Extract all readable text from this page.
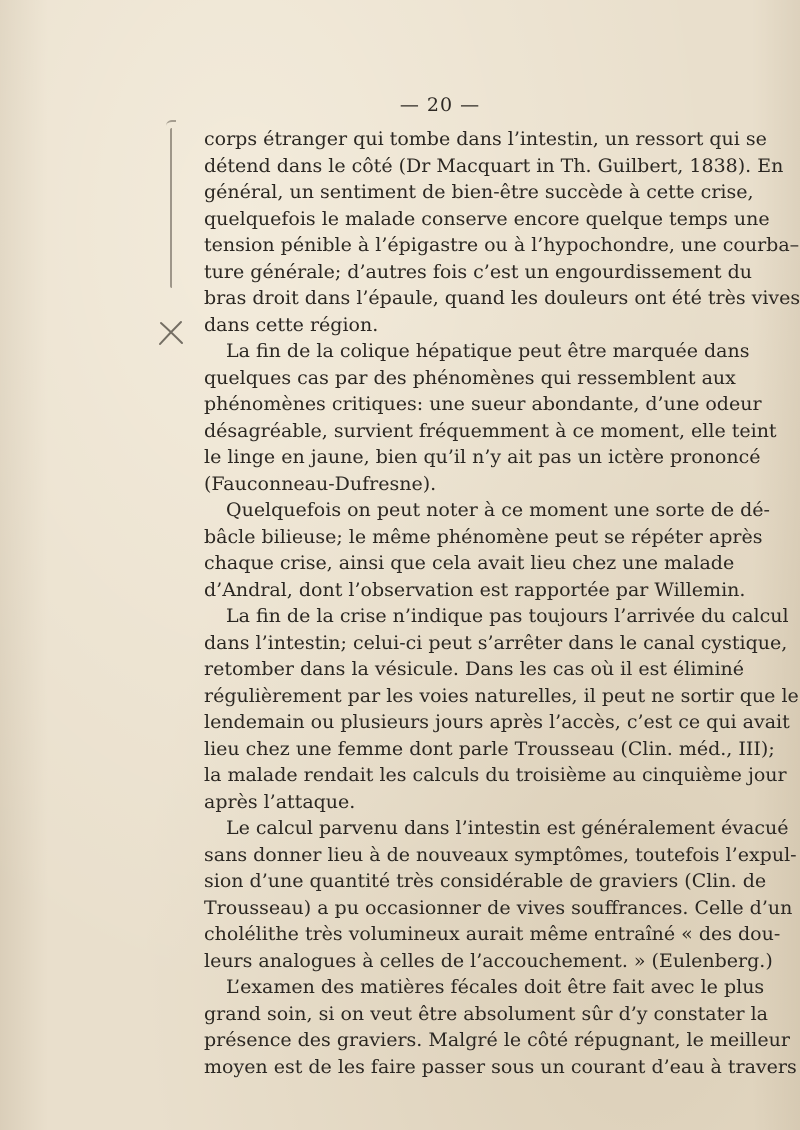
— 20 —
corps étranger qui tombe dans l’intestin, un ressort qui se
détend dans le côté (Dr Macquart in Th. Guilbert, 1838). En
général, un sentiment de bien-être succède à cette crise,
quelquefois le malade conserve encore quelque temps une
tension pénible à l’épigastre ou à l’hypochondre, une courba–
ture générale; d’autres fois c’est un engourdissement du
bras droit dans l’épaule, quand les douleurs ont été très vives
dans cette région.
La fin de la colique hépatique peut être marquée dans
quelques cas par des phénomènes qui ressemblent aux
phénomènes critiques: une sueur abondante, d’une odeur
désagréable, survient fréquemment à ce moment, elle teint
le linge en jaune, bien qu’il n’y ait pas un ictère prononcé
(Fauconneau-Dufresne).
Quelquefois on peut noter à ce moment une sorte de dé-
bâcle bilieuse; le même phénomène peut se répéter après
chaque crise, ainsi que cela avait lieu chez une malade
d’Andral, dont l’observation est rapportée par Willemin.
La fin de la crise n’indique pas toujours l’arrivée du calcul
dans l’intestin; celui-ci peut s’arrêter dans le canal cystique,
retomber dans la vésicule. Dans les cas où il est éliminé
régulièrement par les voies naturelles, il peut ne sortir que le
lendemain ou plusieurs jours après l’accès, c’est ce qui avait
lieu chez une femme dont parle Trousseau (Clin. méd., III);
la malade rendait les calculs du troisième au cinquième jour
après l’attaque.
Le calcul parvenu dans l’intestin est généralement évacué
sans donner lieu à de nouveaux symptômes, toutefois l’expul-
sion d’une quantité très considérable de graviers (Clin. de
Trousseau) a pu occasionner de vives souffrances. Celle d’un
cholélithe très volumineux aurait même entraîné « des dou-
leurs analogues à celles de l’accouchement. » (Eulenberg.)
L’examen des matières fécales doit être fait avec le plus
grand soin, si on veut être absolument sûr d’y constater la
présence des graviers. Malgré le côté répugnant, le meilleur
moyen est de les faire passer sous un courant d’eau à travers
